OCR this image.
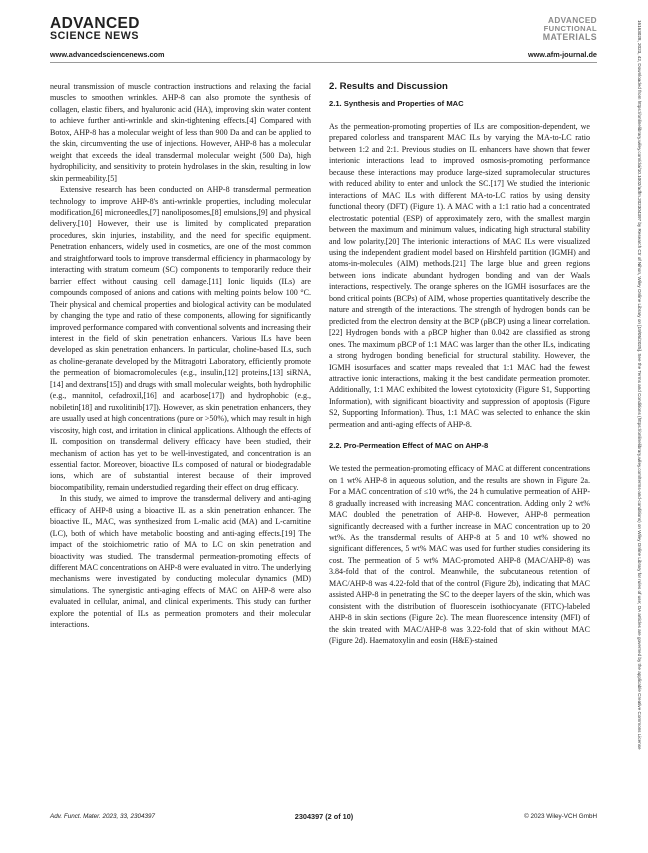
ADVANCED
SCIENCE NEWS
www.advancedsciencenews.com
ADVANCED
FUNCTIONAL
MATERIALS
www.afm-journal.de

neural transmission of muscle contraction instructions and relaxing the facial muscles to smoothen wrinkles. AHP-8 can also promote the synthesis of collagen, elastic fibers, and hyaluronic acid (HA), improving skin water content to achieve further anti-wrinkle and skin-tightening effects.[4] Compared with Botox, AHP-8 has a molecular weight of less than 900 Da and can be applied to the skin, circumventing the use of injections. However, AHP-8 has a molecular weight that exceeds the ideal transdermal molecular weight (500 Da), high hydrophilicity, and sensitivity to protein hydrolases in the skin, resulting in low skin permeability.[5]

Extensive research has been conducted on AHP-8 transdermal permeation technology to improve AHP-8's anti-wrinkle properties, including molecular modification,[6] microneedles,[7] nanoliposomes,[8] emulsions,[9] and physical delivery.[10] However, their use is limited by complicated preparation procedures, skin injuries, instability, and the need for specific equipment. Penetration enhancers, widely used in cosmetics, are one of the most common and straightforward tools to improve transdermal efficiency in pharmacology by interacting with stratum corneum (SC) components to temporarily reduce their barrier effect without causing cell damage.[11] Ionic liquids (ILs) are compounds composed of anions and cations with melting points below 100 °C. Their physical and chemical properties and biological activity can be modulated by changing the type and ratio of these components, allowing for significantly improved performance compared with conventional solvents and increasing their interest in the field of skin penetration enhancers. Various ILs have been developed as skin penetration enhancers. In particular, choline-based ILs, such as choline-geranate developed by the Mitragotri Laboratory, efficiently promote the permeation of biomacromolecules (e.g., insulin,[12] proteins,[13] siRNA,[14] and dextrans[15]) and drugs with small molecular weights, both hydrophilic (e.g., mannitol, cefadroxil,[16] and acarbose[17]) and hydrophobic (e.g., nobiletin[18] and ruxolitinib[17]). However, as skin penetration enhancers, they are usually used at high concentrations (pure or >50%), which may result in high viscosity, high cost, and irritation in clinical applications. Although the effects of IL composition on transdermal delivery efficacy have been studied, their mechanism of action has yet to be well-investigated, and concentration is an essential factor. Moreover, bioactive ILs composed of natural or biodegradable ions, which are of substantial interest because of their improved biocompatibility, remain understudied regarding their effect on drug efficacy.

In this study, we aimed to improve the transdermal delivery and anti-aging efficacy of AHP-8 using a bioactive IL as a skin penetration enhancer. The bioactive IL, MAC, was synthesized from L-malic acid (MA) and L-carnitine (LC), both of which have metabolic boosting and anti-aging effects.[19] The impact of the stoichiometric ratio of MA to LC on skin penetration and bioactivity was studied. The transdermal permeation-promoting effects of different MAC concentrations on AHP-8 were evaluated in vitro. The underlying mechanisms were investigated by conducting molecular dynamics (MD) simulations. The synergistic anti-aging effects of MAC on AHP-8 were also evaluated in cellular, animal, and clinical experiments. This study can further explore the potential of ILs as permeation promoters and their molecular interactions.

2. Results and Discussion
2.1. Synthesis and Properties of MAC

As the permeation-promoting properties of ILs are composition-dependent, we prepared colorless and transparent MAC ILs by varying the MA-to-LC ratio between 1:2 and 2:1. Previous studies on IL enhancers have shown that fewer interionic interactions lead to improved osmosis-promoting performance because these interactions may produce large-sized supramolecular structures with reduced ability to enter and unlock the SC.[17] We studied the interionic interactions of MAC ILs with different MA-to-LC ratios by using density functional theory (DFT) (Figure 1). A MAC with a 1:1 ratio had a concentrated electrostatic potential (ESP) of approximately zero, with the smallest margin between the maximum and minimum values, indicating high structural stability and low polarity.[20] The interionic interactions of MAC ILs were visualized using the independent gradient model based on Hirshfeld partition (IGMH) and atoms-in-molecules (AIM) methods.[21] The large blue and green regions between ions indicate abundant hydrogen bonding and van der Waals interactions, respectively. The orange spheres on the IGMH isosurfaces are the bond critical points (BCPs) of AIM, whose properties quantitatively describe the nature and strength of the interactions. The strength of hydrogen bonds can be predicted from the electron density at the BCP (ρBCP) using a linear correlation.[22] Hydrogen bonds with a ρBCP higher than 0.042 are classified as strong ones. The maximum ρBCP of 1:1 MAC was larger than the other ILs, indicating a strong hydrogen bonding beneficial for structural stability. However, the IGMH isosurfaces and scatter maps revealed that 1:1 MAC had the fewest attractive ionic interactions, making it the best candidate permeation promoter. Additionally, 1:1 MAC exhibited the lowest cytotoxicity (Figure S1, Supporting Information), with significant bioactivity and suppression of apoptosis (Figure S2, Supporting Information). Thus, 1:1 MAC was selected to enhance the skin permeation and anti-aging effects of AHP-8.

2.2. Pro-Permeation Effect of MAC on AHP-8

We tested the permeation-promoting efficacy of MAC at different concentrations on 1 wt% AHP-8 in aqueous solution, and the results are shown in Figure 2a. For a MAC concentration of ≤10 wt%, the 24 h cumulative permeation of AHP-8 gradually increased with increasing MAC concentration. Adding only 2 wt% MAC doubled the penetration of AHP-8. However, AHP-8 permeation significantly decreased with a further increase in MAC concentration up to 20 wt%. As the transdermal results of AHP-8 at 5 and 10 wt% showed no significant differences, 5 wt% MAC was used for further studies considering its cost. The permeation of 5 wt% MAC-promoted AHP-8 (MAC/AHP-8) was 3.84-fold that of the control. Meanwhile, the subcutaneous retention of MAC/AHP-8 was 4.22-fold that of the control (Figure 2b), indicating that MAC assisted AHP-8 in penetrating the SC to the deeper layers of the skin, which was consistent with the distribution of fluorescein isothiocyanate (FITC)-labeled AHP-8 in skin sections (Figure 2c). The mean fluorescence intensity (MFI) of the skin treated with MAC/AHP-8 was 3.22-fold that of skin without MAC (Figure 2d). Haematoxylin and eosin (H&E)-stained

Adv. Funct. Mater. 2023, 33, 2304397	2304397 (2 of 10)	© 2023 Wiley-VCH GmbH
16163028, 2023, 42, Downloaded from https://onlinelibrary.wiley.com/doi/10.1002/adfm.202304397 by Research Ctr of Nihon, Wiley Online Library on [19/05/2025]. See the Terms and Conditions (https://onlinelibrary.wiley.com/terms-and-conditions) on Wiley Online Library for rules of use; OA articles are governed by the applicable Creative Commons License
